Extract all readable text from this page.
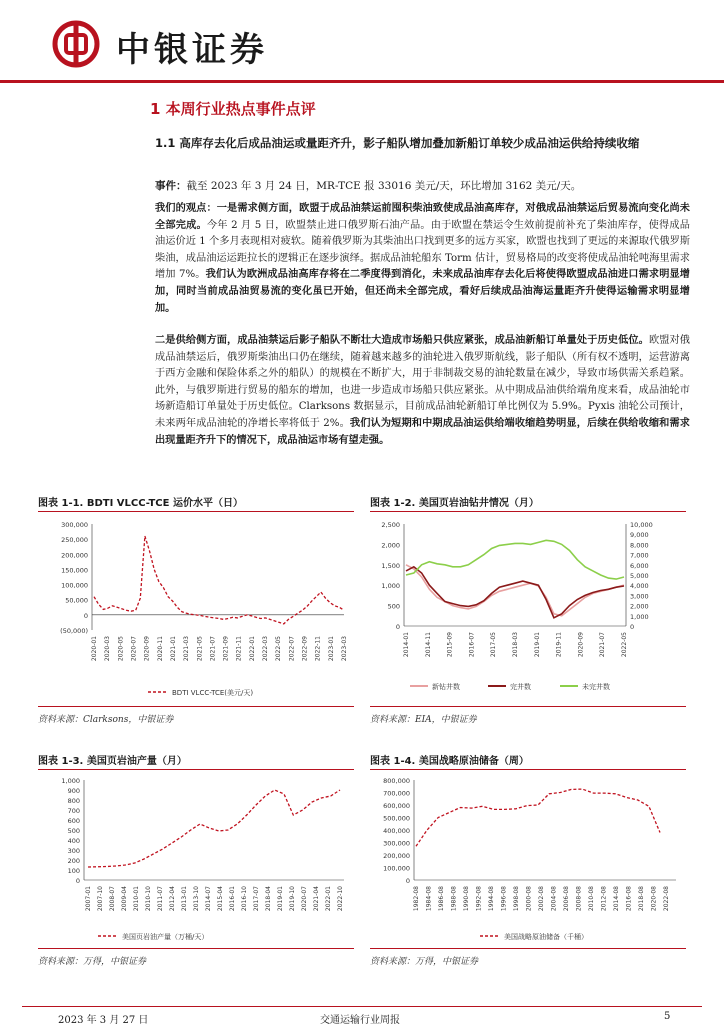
中银证券
1 本周行业热点事件点评
1.1 高库存去化后成品油运或量距齐升，影子船队增加叠加新船订单较少成品油运供给持续收缩
事件：截至 2023 年 3 月 24 日，MR-TCE 报 33016 美元/天，环比增加 3162 美元/天。
我们的观点：一是需求侧方面，欧盟于成品油禁运前囤积柴油致使成品油高库存，对俄成品油禁运后贸易流向变化尚未全部完成。今年 2 月 5 日，欧盟禁止进口俄罗斯石油产品。由于欧盟在禁运令生效前提前补充了柴油库存，使得成品油运价近 1 个多月表现相对疲软。随着俄罗斯为其柴油出口找到更多的远方买家，欧盟也找到了更远的来源取代俄罗斯柴油，成品油运运距拉长的逻辑正在逐步演绎。据成品油轮船东 Torm 估计，贸易格局的改变将使成品油轮吨海里需求增加 7%。我们认为欧洲成品油高库存将在二季度得到消化，未来成品油库存去化后将使得欧盟成品油进口需求明显增加，同时当前成品油贸易流的变化虽已开始，但还尚未全部完成，看好后续成品油海运量距齐升使得运输需求明显增加。
二是供给侧方面，成品油禁运后影子船队不断壮大造成市场船只供应紧张，成品油新船订单量处于历史低位。欧盟对俄成品油禁运后，俄罗斯柴油出口仍在继续，随着越来越多的油轮进入俄罗斯航线，影子船队（所有权不透明，运营游离于西方金融和保险体系之外的船队）的规模在不断扩大，用于非制裁交易的油轮数量在减少，导致市场供需关系趋紧。此外，与俄罗斯进行贸易的船东的增加，也进一步造成市场船只供应紧张。从中期成品油供给端角度来看，成品油轮市场新造船订单量处于历史低位。Clarksons 数据显示，目前成品油轮新船订单比例仅为 5.9%。Pyxis 油轮公司预计，未来两年成品油轮的净增长率将低于 2%。我们认为短期和中期成品油运供给端收缩趋势明显，后续在供给收缩和需求出现量距齐升下的情况下，成品油运市场有望走强。
图表 1-1. BDTI VLCC-TCE 运价水平（日）
300,000
250,000
200,000
150,000
100,000
50,000
0
(50,000)
2020-01 2020-03 2020-05 2020-07 2020-09 2020-11 2021-01 2021-03 2021-05 2021-07 2021-09 2021-11 2022-01 2022-03 2022-05 2022-07 2022-09 2022-11 2023-01 2023-03
BDTI VLCC-TCE(美元/天)
资料来源：Clarksons，中银证券
图表 1-2. 美国页岩油钻井情况（月）
2,500
2,000
1,500
1,000
500
0
10,000
9,000
8,000
7,000
6,000
5,000
4,000
3,000
2,000
1,000
0
2014-01 2014-11 2015-09 2016-07 2017-05 2018-03 2019-01 2019-11 2020-09 2021-07 2022-05
新钻井数	完井数	未完井数
资料来源：EIA，中银证券
图表 1-3. 美国页岩油产量（月）
1,000
900
800
700
600
500
400
300
200
100
0
2007-01 2007-10 2008-07 2009-04 2010-01 2010-10 2011-07 2012-04 2013-01 2013-10 2014-07 2015-04 2016-01 2016-10 2017-07 2018-04 2019-01 2019-10 2020-07 2021-04 2022-01 2022-10
美国页岩油产量（万桶/天）
资料来源：万得，中银证券
图表 1-4. 美国战略原油储备（周）
800,000
700,000
600,000
500,000
400,000
300,000
200,000
100,000
0
1982-08 1984-08 1986-08 1988-08 1990-08 1992-08 1994-08 1996-08 1998-08 2000-08 2002-08 2004-08 2006-08 2008-08 2010-08 2012-08 2014-08 2016-08 2018-08 2020-08 2022-08
美国战略原油储备（千桶）
资料来源：万得，中银证券
2023 年 3 月 27 日	交通运输行业周报	5
